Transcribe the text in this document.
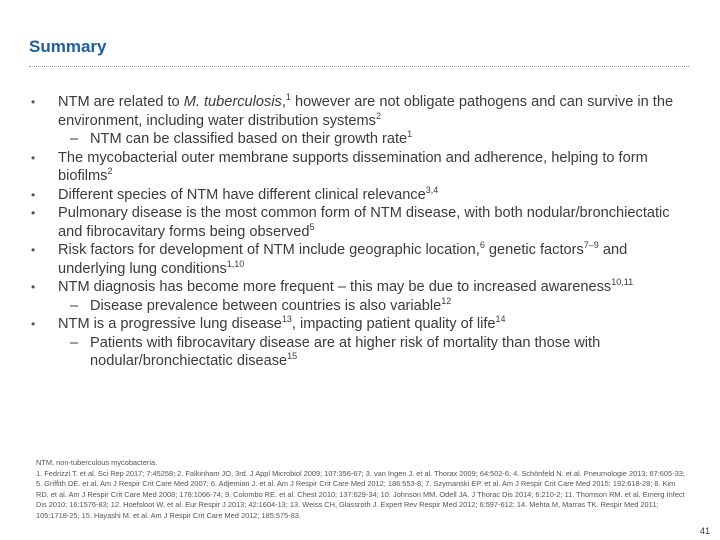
Summary
• NTM are related to M. tuberculosis,$^1$ however are not obligate pathogens and can survive in the environment, including water distribution systems$^2$
– NTM can be classified based on their growth rate$^1$
• The mycobacterial outer membrane supports dissemination and adherence, helping to form biofilms$^2$
• Different species of NTM have different clinical relevance$^{3,4}$
• Pulmonary disease is the most common form of NTM disease, with both nodular/bronchiectatic and fibrocavitary forms being observed$^5$
• Risk factors for development of NTM include geographic location,$^6$ genetic factors$^{7-9}$ and underlying lung conditions$^{1,10}$
• NTM diagnosis has become more frequent – this may be due to increased awareness$^{10,11}$
– Disease prevalence between countries is also variable$^{12}$
• NTM is a progressive lung disease$^{13}$, impacting patient quality of life$^{14}$
– Patients with fibrocavitary disease are at higher risk of mortality than those with nodular/bronchiectatic disease$^{15}$
NTM, non-tuberculous mycobacteria.
1. Fedrizzi T. et al. Sci Rep 2017; 7:45258; 2. Falkinham JO, 3rd. J Appl Microbiol 2009; 107:356-67; 3. van Ingen J. et al. Thorax 2009; 64:502-6; 4. Schönfeld N. et al. Pneumologie 2013; 67:605-33; 5. Griffith DE. et al. Am J Respir Crit Care Med 2007; 6. Adjemian J. et al. Am J Respir Crit Care Med 2012; 186:553-8; 7. Szymanski EP. et al. Am J Respir Crit Care Med 2015; 192:618-28; 8. Kim RD. et al. Am J Respir Crit Care Med 2008; 178:1066-74; 9. Colombo RE. et al. Chest 2010; 137:629-34; 10. Johnson MM, Odell JA. J Thorac Dis 2014; 6:210-2; 11. Thomson RM. et al. Emerg Infect Dis 2010; 16:1576-83; 12. Hoefsloot W. et al. Eur Respir J 2013; 42:1604-13; 13. Weiss CH, Glassroth J. Expert Rev Respir Med 2012; 6:597-612; 14. Mehta M, Marras TK. Respir Med 2011; 105:1718-25; 15. Hayashi M. et al. Am J Respir Crit Care Med 2012; 185:575-83.
41
